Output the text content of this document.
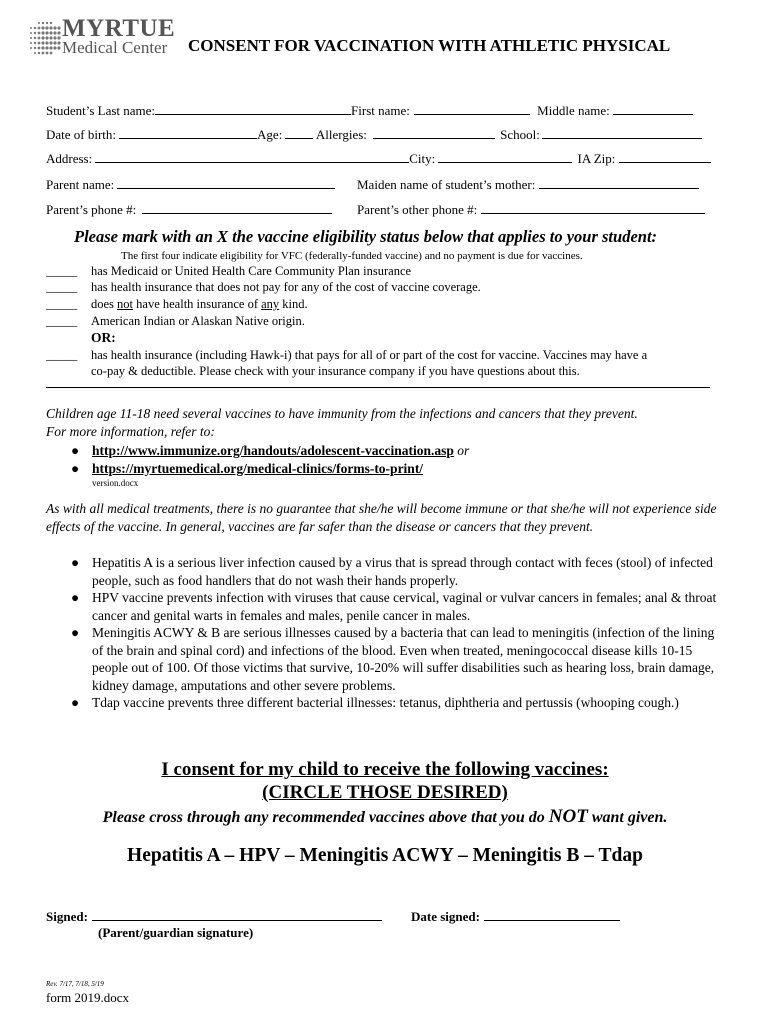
MYRTUE
Medical Center CONSENT FOR VACCINATION WITH ATHLETIC PHYSICAL
Student’s Last name:	First name:	Middle name:
Date of birth:	Age:	Allergies:	School:
Address:	City:	IA Zip:
Parent name:	Maiden name of student’s mother:
Parent’s phone #:	Parent’s other phone #:
Please mark with an X the vaccine eligibility status below that applies to your student:
The first four indicate eligibility for VFC (federally-funded vaccine) and no payment is due for vaccines.
_____ has Medicaid or United Health Care Community Plan insurance
_____ has health insurance that does not pay for any of the cost of vaccine coverage.
_____ does not have health insurance of any kind.
_____ American Indian or Alaskan Native origin.
OR:
_____ has health insurance (including Hawk-i) that pays for all of or part of the cost for vaccine. Vaccines may have a
co-pay & deductible. Please check with your insurance company if you have questions about this.
Children age 11-18 need several vaccines to have immunity from the infections and cancers that they prevent.
For more information, refer to:
● http://www.immunize.org/handouts/adolescent-vaccination.asp or
● https://myrtuemedical.org/medical-clinics/forms-to-print/
version.docx
As with all medical treatments, there is no guarantee that she/he will become immune or that she/he will not experience side effects of the vaccine. In general, vaccines are far safer than the disease or cancers that they prevent.
● Hepatitis A is a serious liver infection caused by a virus that is spread through contact with feces (stool) of infected people, such as food handlers that do not wash their hands properly.
● HPV vaccine prevents infection with viruses that cause cervical, vaginal or vulvar cancers in females; anal & throat cancer and genital warts in females and males, penile cancer in males.
● Meningitis ACWY & B are serious illnesses caused by a bacteria that can lead to meningitis (infection of the lining of the brain and spinal cord) and infections of the blood. Even when treated, meningococcal disease kills 10-15 people out of 100. Of those victims that survive, 10-20% will suffer disabilities such as hearing loss, brain damage, kidney damage, amputations and other severe problems.
● Tdap vaccine prevents three different bacterial illnesses: tetanus, diphtheria and pertussis (whooping cough.)
I consent for my child to receive the following vaccines:
(CIRCLE THOSE DESIRED)
Please cross through any recommended vaccines above that you do NOT want given.
Hepatitis A – HPV – Meningitis ACWY – Meningitis B – Tdap
Signed:	Date signed:
(Parent/guardian signature)
Rev. 7/17, 7/18, 5/19
form 2019.docx
